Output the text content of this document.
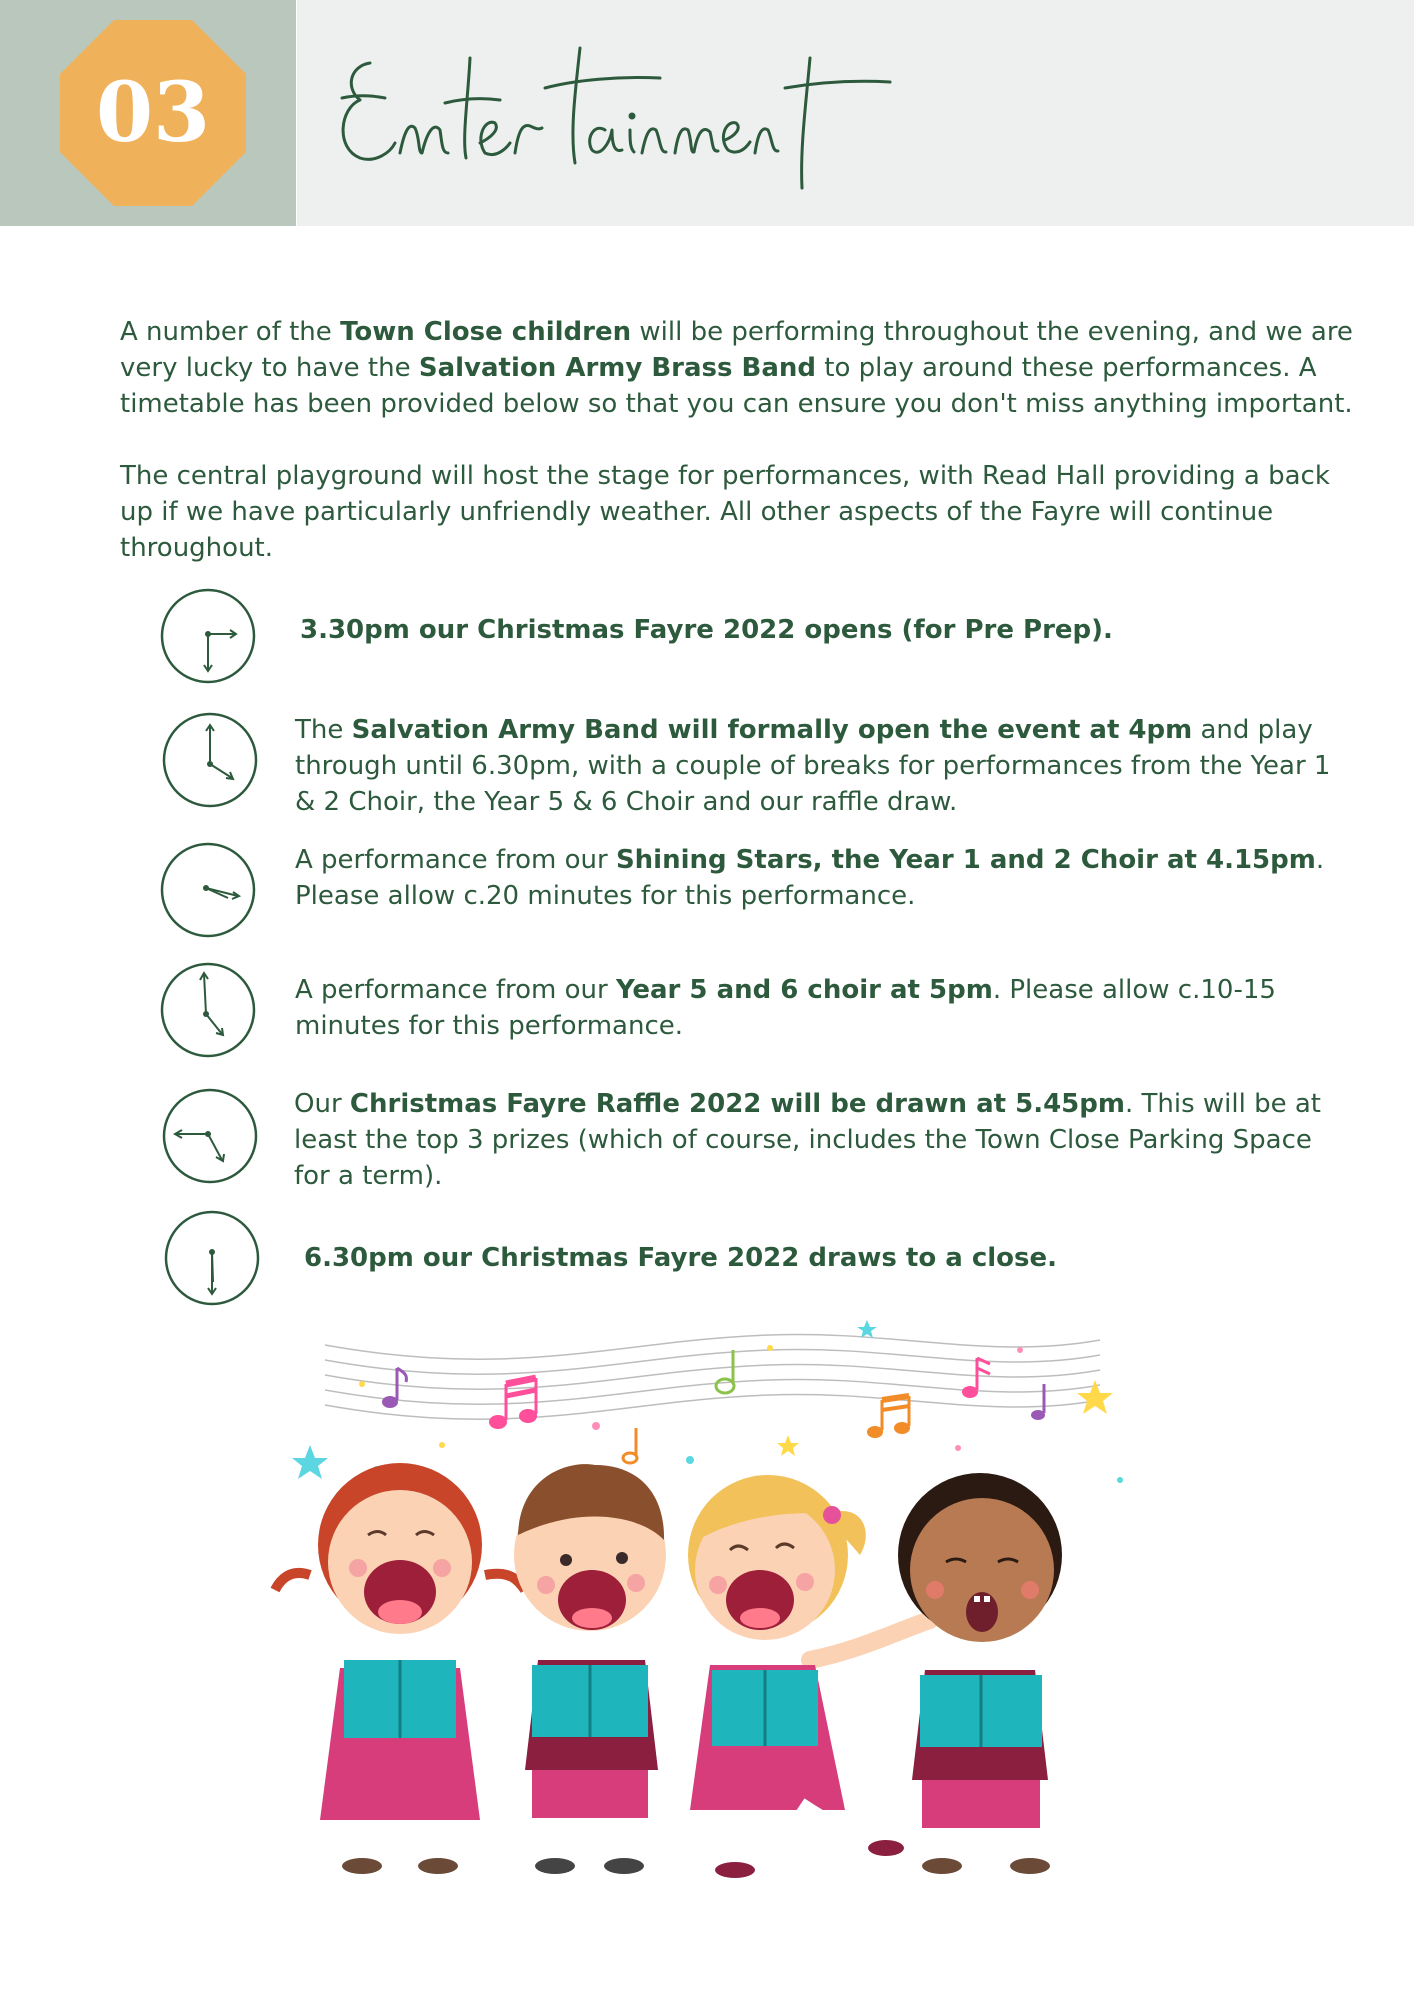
03

A number of the Town Close children will be performing throughout the evening, and we are very lucky to have the Salvation Army Brass Band to play around these performances. A timetable has been provided below so that you can ensure you don't miss anything important.

The central playground will host the stage for performances, with Read Hall providing a back up if we have particularly unfriendly weather. All other aspects of the Fayre will continue throughout.

3.30pm our Christmas Fayre 2022 opens (for Pre Prep).
The Salvation Army Band will formally open the event at 4pm and play through until 6.30pm, with a couple of breaks for performances from the Year 1 & 2 Choir, the Year 5 & 6 Choir and our raffle draw.
A performance from our Shining Stars, the Year 1 and 2 Choir at 4.15pm. Please allow c.20 minutes for this performance.
A performance from our Year 5 and 6 choir at 5pm. Please allow c.10-15 minutes for this performance.
Our Christmas Fayre Raffle 2022 will be drawn at 5.45pm. This will be at least the top 3 prizes (which of course, includes the Town Close Parking Space for a term).
6.30pm our Christmas Fayre 2022 draws to a close.
